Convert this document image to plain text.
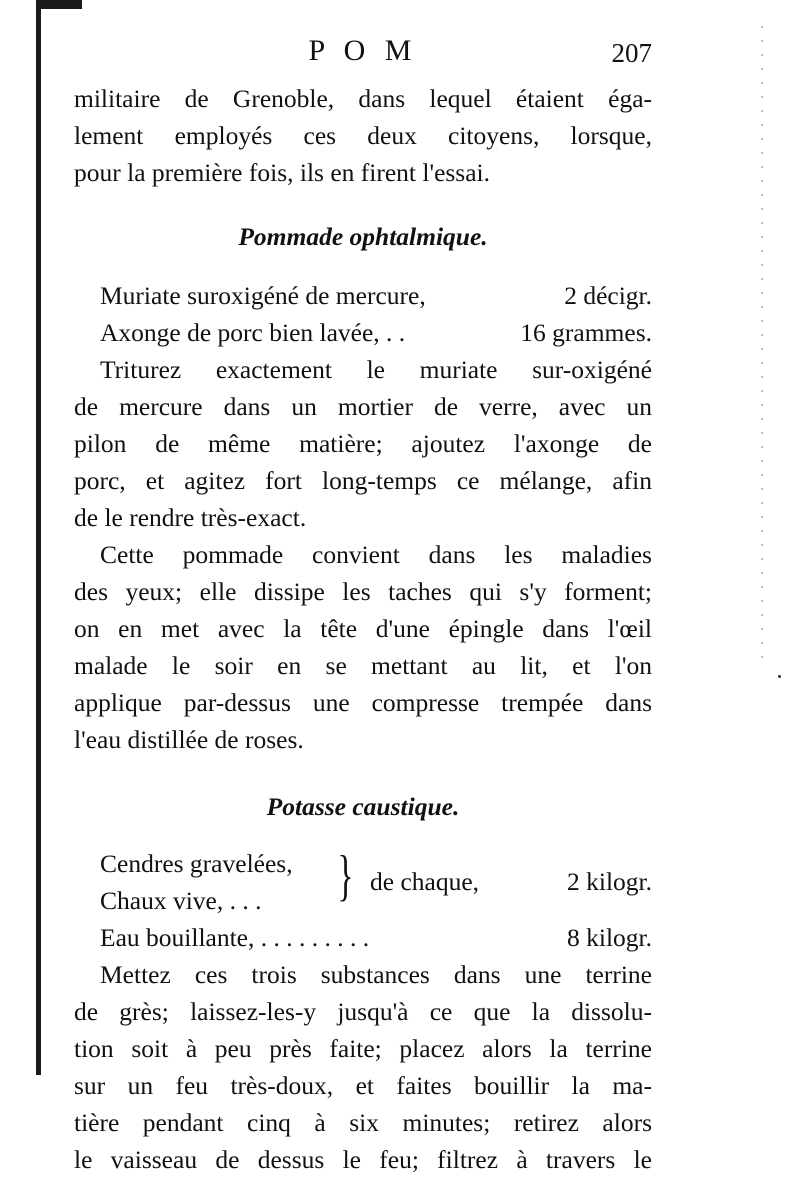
P O M	207
militaire de Grenoble, dans lequel étaient éga-
lement employés ces deux citoyens, lorsque,
pour la première fois, ils en firent l'essai.
Pommade ophtalmique.
Muriate suroxigéné de mercure,	2 décigr.
Axonge de porc bien lavée, . .	16 grammes.
Triturez exactement le muriate sur-oxigéné
de mercure dans un mortier de verre, avec un
pilon de même matière; ajoutez l'axonge de
porc, et agitez fort long-temps ce mélange, afin
de le rendre très-exact.
Cette pommade convient dans les maladies
des yeux; elle dissipe les taches qui s'y forment;
on en met avec la tête d'une épingle dans l'œil
malade le soir en se mettant au lit, et l'on
applique par-dessus une compresse trempée dans
l'eau distillée de roses.
Potasse caustique.
Cendres gravelées,
Chaux vive, . . .	} de chaque,	2 kilogr.
Eau bouillante, . . . . . . . . .	8 kilogr.
Mettez ces trois substances dans une terrine
de grès; laissez-les-y jusqu'à ce que la dissolu-
tion soit à peu près faite; placez alors la terrine
sur un feu très-doux, et faites bouillir la ma-
tière pendant cinq à six minutes; retirez alors
le vaisseau de dessus le feu; filtrez à travers le
